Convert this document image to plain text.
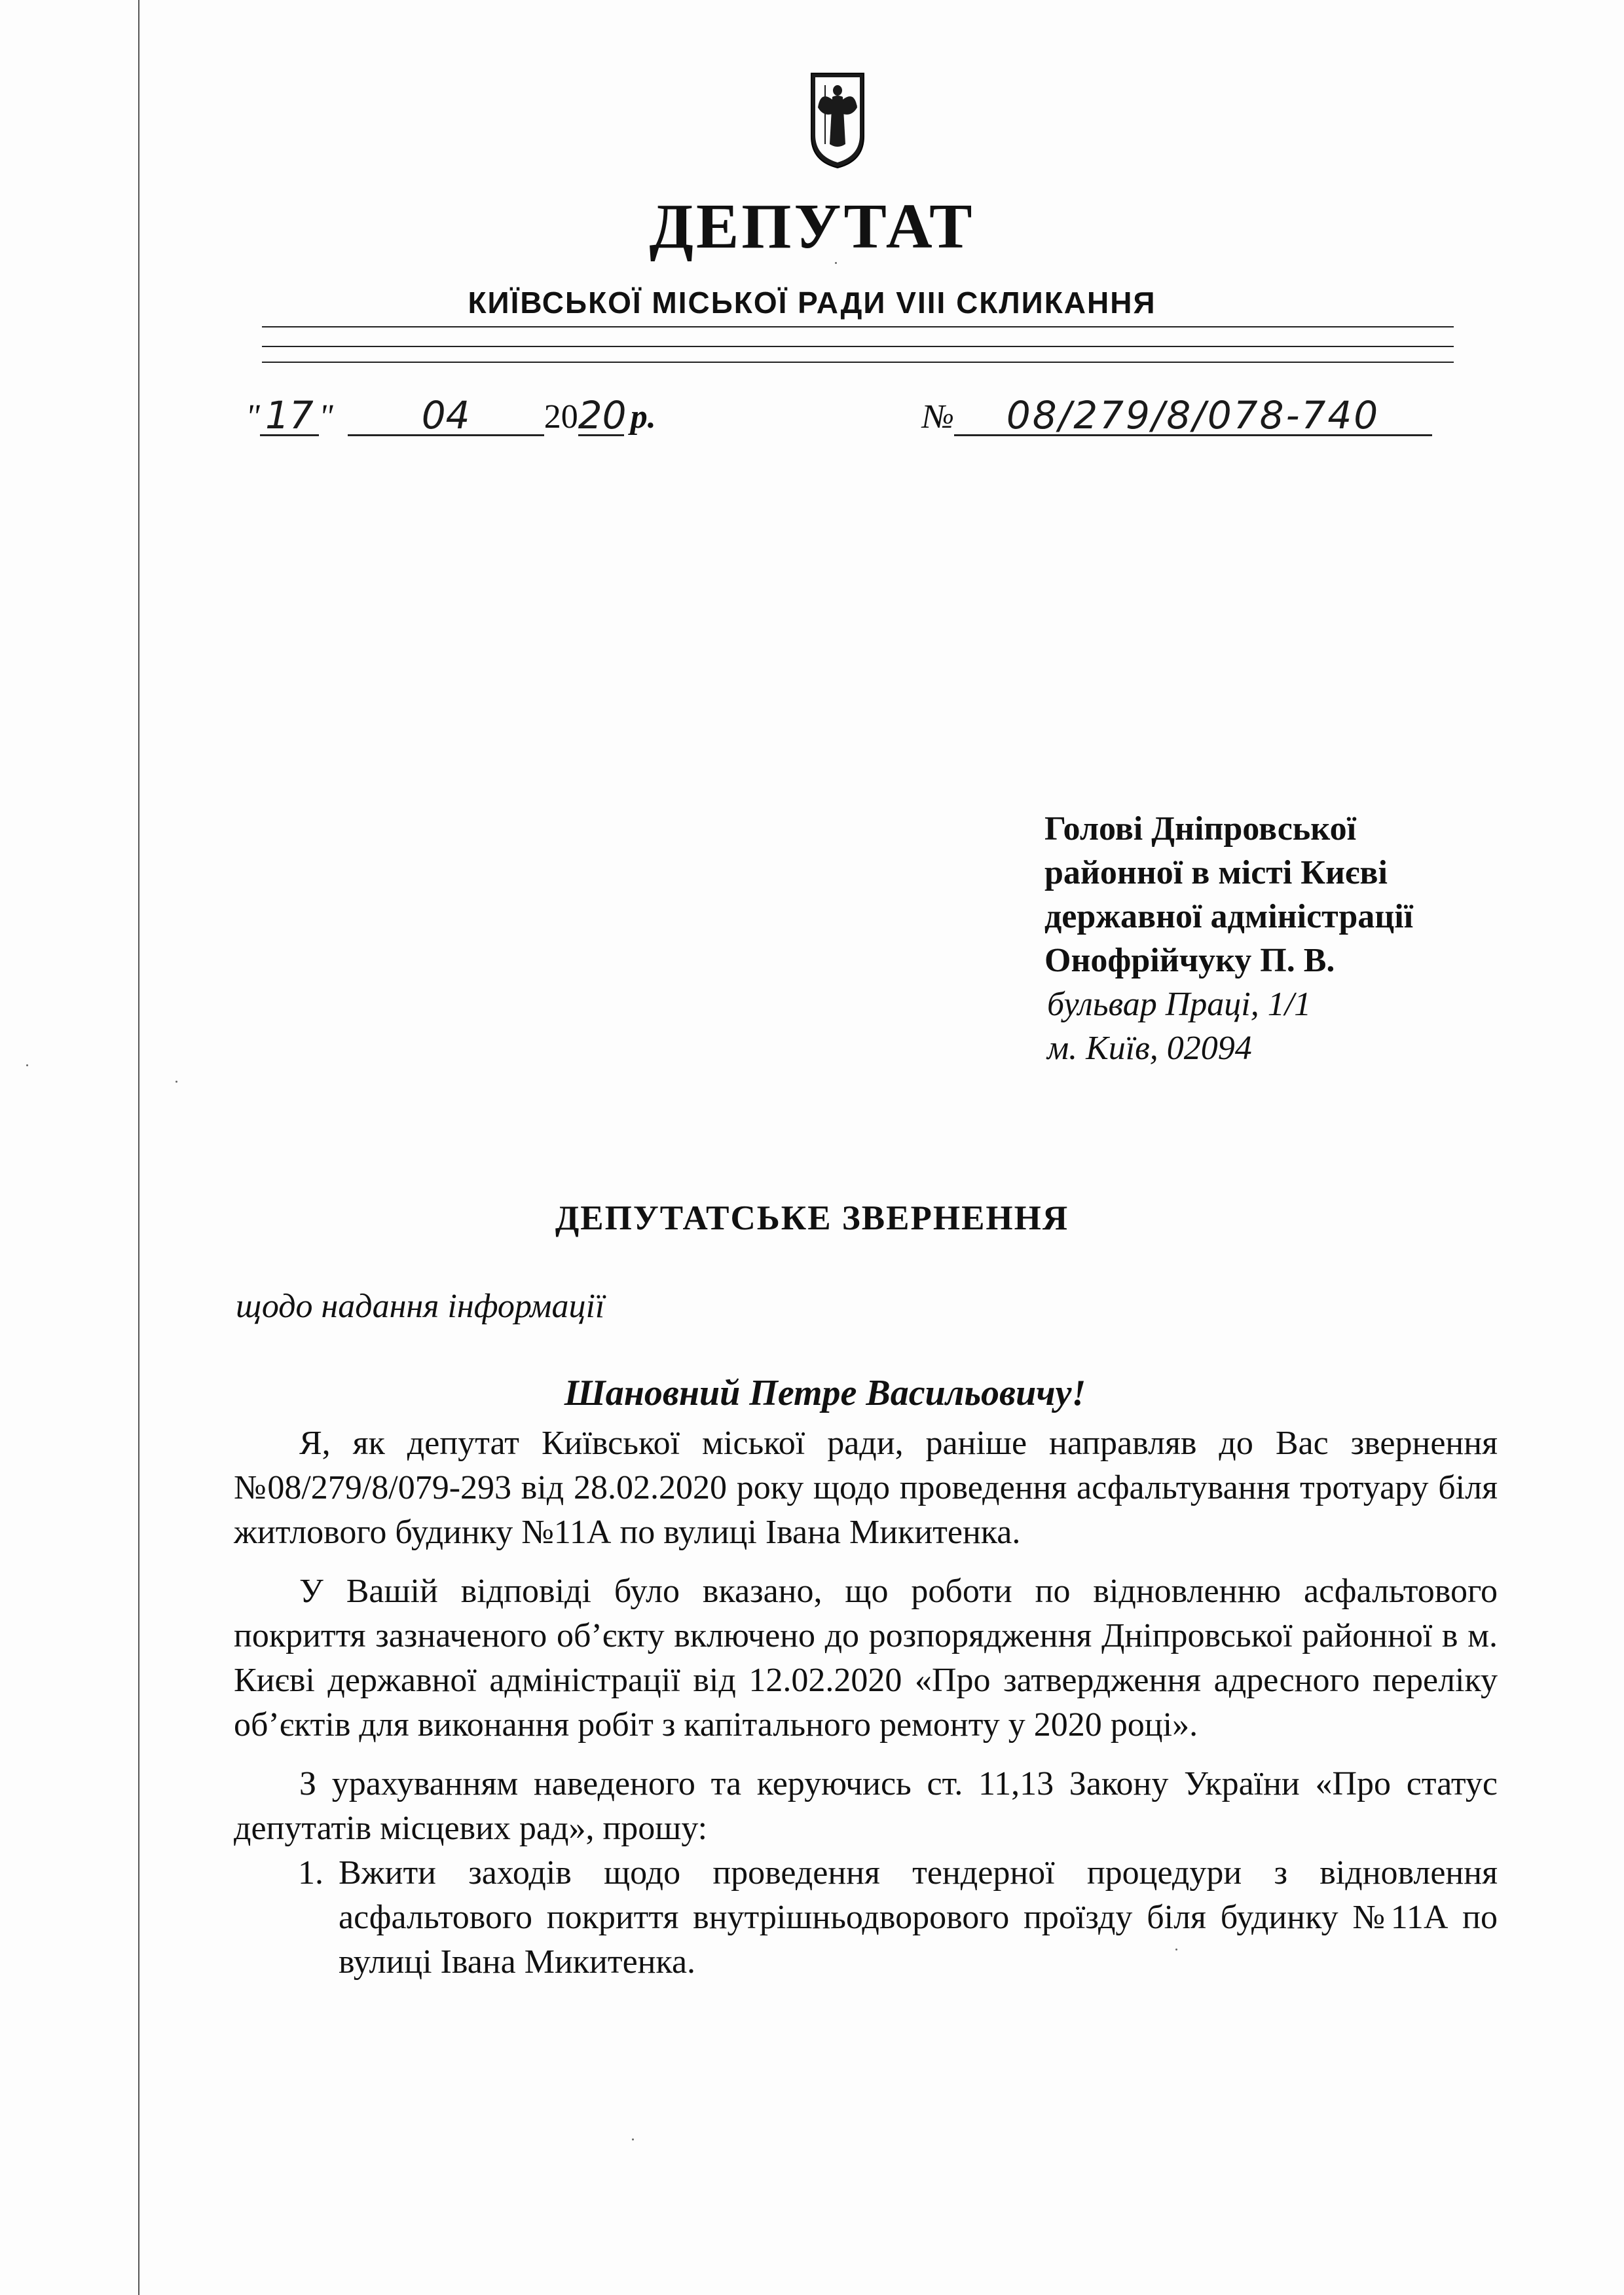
ДЕПУТАТ
КИЇВСЬКОЇ МІСЬКОЇ РАДИ VIII СКЛИКАННЯ
" 17 "	04	20 20 р.	№	08/279/8/078-740
Голові Дніпровської
районної в місті Києві
державної адміністрації
Онофрійчуку П. В.
бульвар Праці, 1/1
м. Київ, 02094
ДЕПУТАТСЬКЕ ЗВЕРНЕННЯ
щодо надання інформації
Шановний Петре Васильовичу!

Я, як депутат Київської міської ради, раніше направляв до Вас звернення №08/279/8/079-293 від 28.02.2020 року щодо проведення асфальтування тротуару біля житлового будинку №11А по вулиці Івана Микитенка.

У Вашій відповіді було вказано, що роботи по відновленню асфальтового покриття зазначеного об’єкту включено до розпорядження Дніпровської районної в м. Києві державної адміністрації від 12.02.2020 «Про затвердження адресного переліку об’єктів для виконання робіт з капітального ремонту у 2020 році».

З урахуванням наведеного та керуючись ст. 11,13 Закону України «Про статус депутатів місцевих рад», прошу:

1. Вжити заходів щодо проведення тендерної процедури з відновлення асфальтового покриття внутрішньодворового проїзду біля будинку №11А по вулиці Івана Микитенка.
